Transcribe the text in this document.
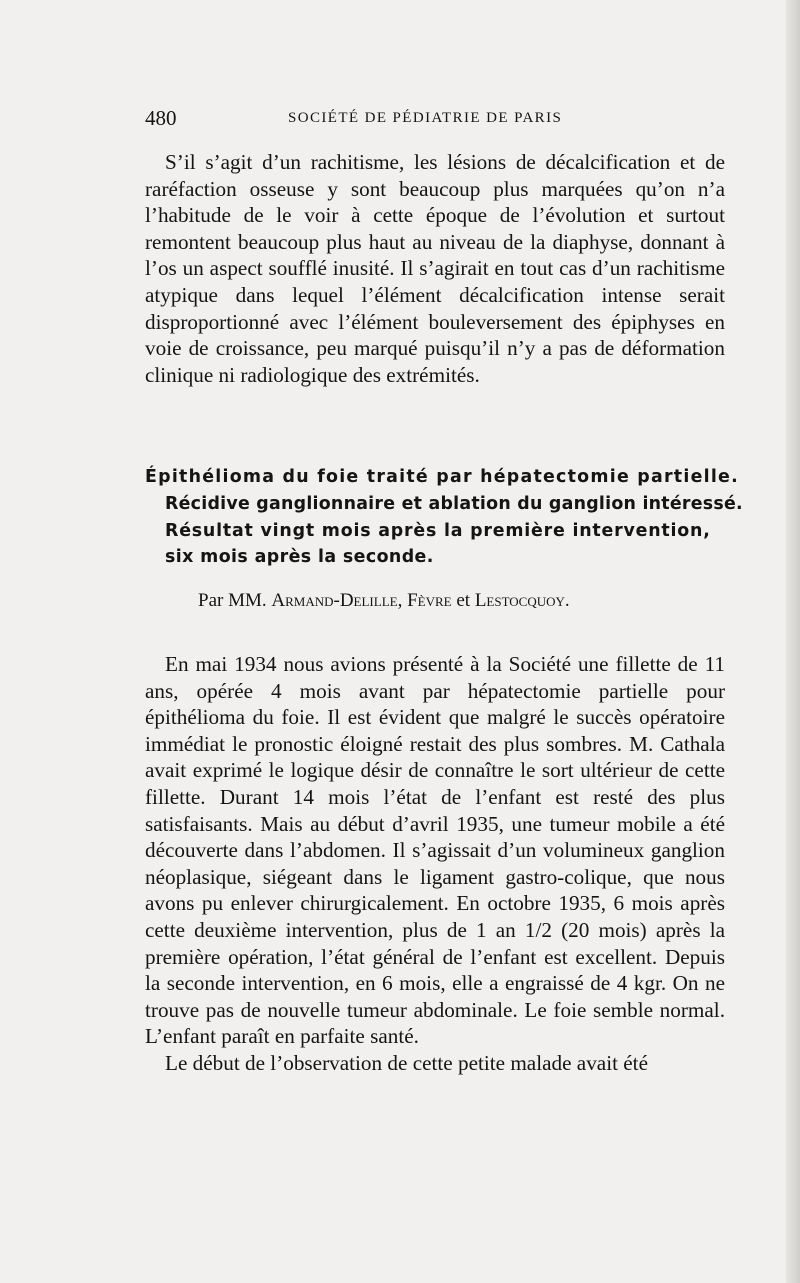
480	SOCIÉTÉ DE PÉDIATRIE DE PARIS

S’il s’agit d’un rachitisme, les lésions de décalcification et de raréfaction osseuse y sont beaucoup plus marquées qu’on n’a l’habitude de le voir à cette époque de l’évolution et surtout remontent beaucoup plus haut au niveau de la diaphyse, donnant à l’os un aspect soufflé inusité. Il s’agirait en tout cas d’un rachitisme atypique dans lequel l’élément décalcification intense serait disproportionné avec l’élément bouleversement des épiphyses en voie de croissance, peu marqué puisqu’il n’y a pas de déformation clinique ni radiologique des extrémités.

Épithélioma du foie traité par hépatectomie partielle.
Récidive ganglionnaire et ablation du ganglion intéressé.
Résultat vingt mois après la première intervention,
six mois après la seconde.
Par MM. Armand-Delille, Fèvre et Lestocquoy.

En mai 1934 nous avions présenté à la Société une fillette de 11 ans, opérée 4 mois avant par hépatectomie partielle pour épithélioma du foie. Il est évident que malgré le succès opératoire immédiat le pronostic éloigné restait des plus sombres. M. Cathala avait exprimé le logique désir de connaître le sort ultérieur de cette fillette. Durant 14 mois l’état de l’enfant est resté des plus satisfaisants. Mais au début d’avril 1935, une tumeur mobile a été découverte dans l’abdomen. Il s’agissait d’un volumineux ganglion néoplasique, siégeant dans le ligament gastro-colique, que nous avons pu enlever chirurgicalement. En octobre 1935, 6 mois après cette deuxième intervention, plus de 1 an 1/2 (20 mois) après la première opération, l’état général de l’enfant est excellent. Depuis la seconde intervention, en 6 mois, elle a engraissé de 4 kgr. On ne trouve pas de nouvelle tumeur abdominale. Le foie semble normal. L’enfant paraît en parfaite santé.

Le début de l’observation de cette petite malade avait été
